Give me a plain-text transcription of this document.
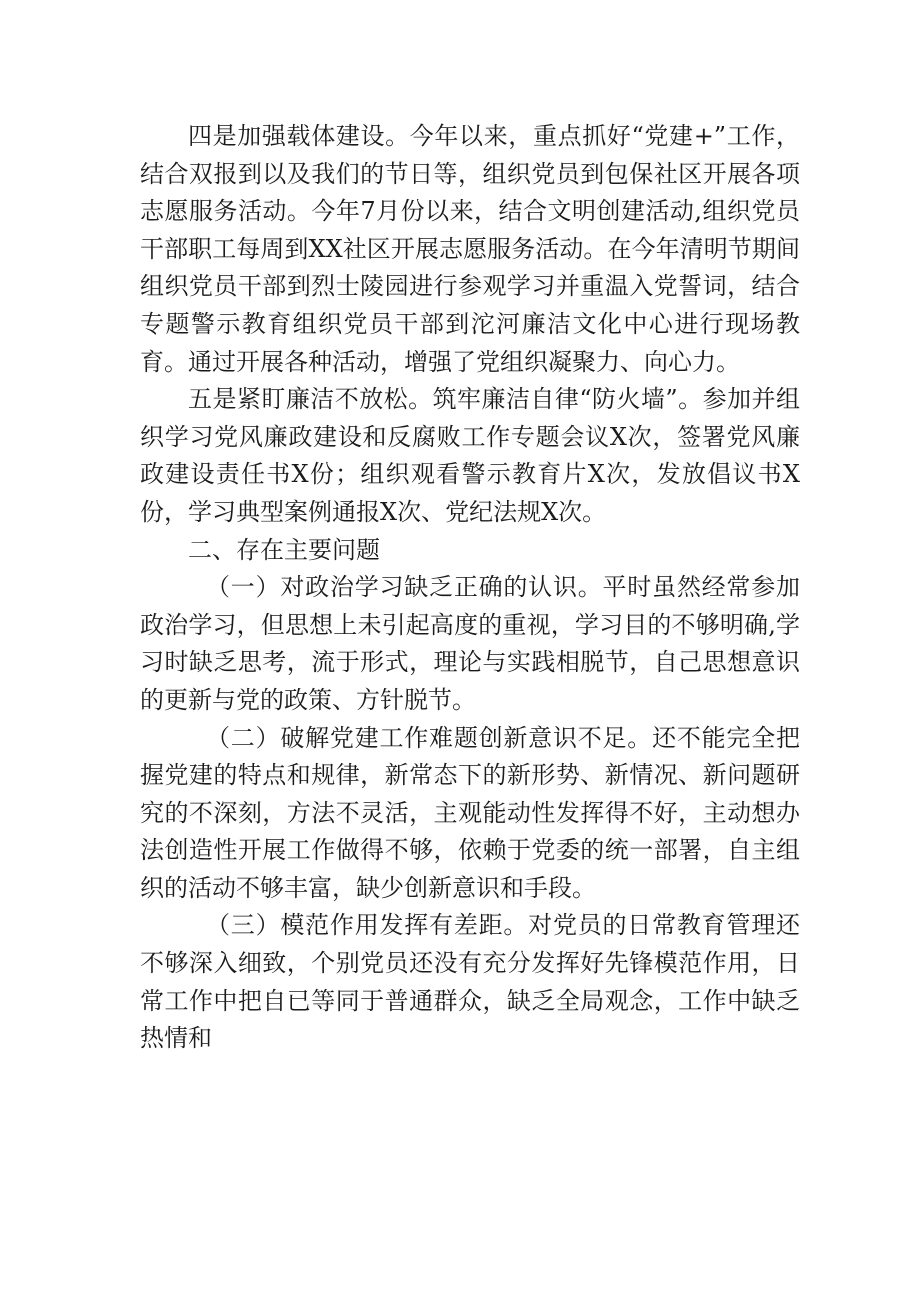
四是加强载体建设。今年以来，重点抓好“党建+”工作，结合双报到以及我们的节日等，组织党员到包保社区开展各项志愿服务活动。今年7月份以来，结合文明创建活动,组织党员干部职工每周到XX社区开展志愿服务活动。在今年清明节期间组织党员干部到烈士陵园进行参观学习并重温入党誓词，结合专题警示教育组织党员干部到沱河廉洁文化中心进行现场教育。通过开展各种活动，增强了党组织凝聚力、向心力。

五是紧盯廉洁不放松。筑牢廉洁自律“防火墙”。参加并组织学习党风廉政建设和反腐败工作专题会议X次，签署党风廉政建设责任书X份；组织观看警示教育片X次，发放倡议书X份，学习典型案例通报X次、党纪法规X次。

二、存在主要问题

（一）对政治学习缺乏正确的认识。平时虽然经常参加政治学习，但思想上未引起高度的重视，学习目的不够明确,学习时缺乏思考，流于形式，理论与实践相脱节，自己思想意识的更新与党的政策、方针脱节。

（二）破解党建工作难题创新意识不足。还不能完全把握党建的特点和规律，新常态下的新形势、新情况、新问题研究的不深刻，方法不灵活，主观能动性发挥得不好，主动想办法创造性开展工作做得不够，依赖于党委的统一部署，自主组织的活动不够丰富，缺少创新意识和手段。

（三）模范作用发挥有差距。对党员的日常教育管理还不够深入细致，个别党员还没有充分发挥好先锋模范作用，日常工作中把自已等同于普通群众，缺乏全局观念，工作中缺乏热情和
